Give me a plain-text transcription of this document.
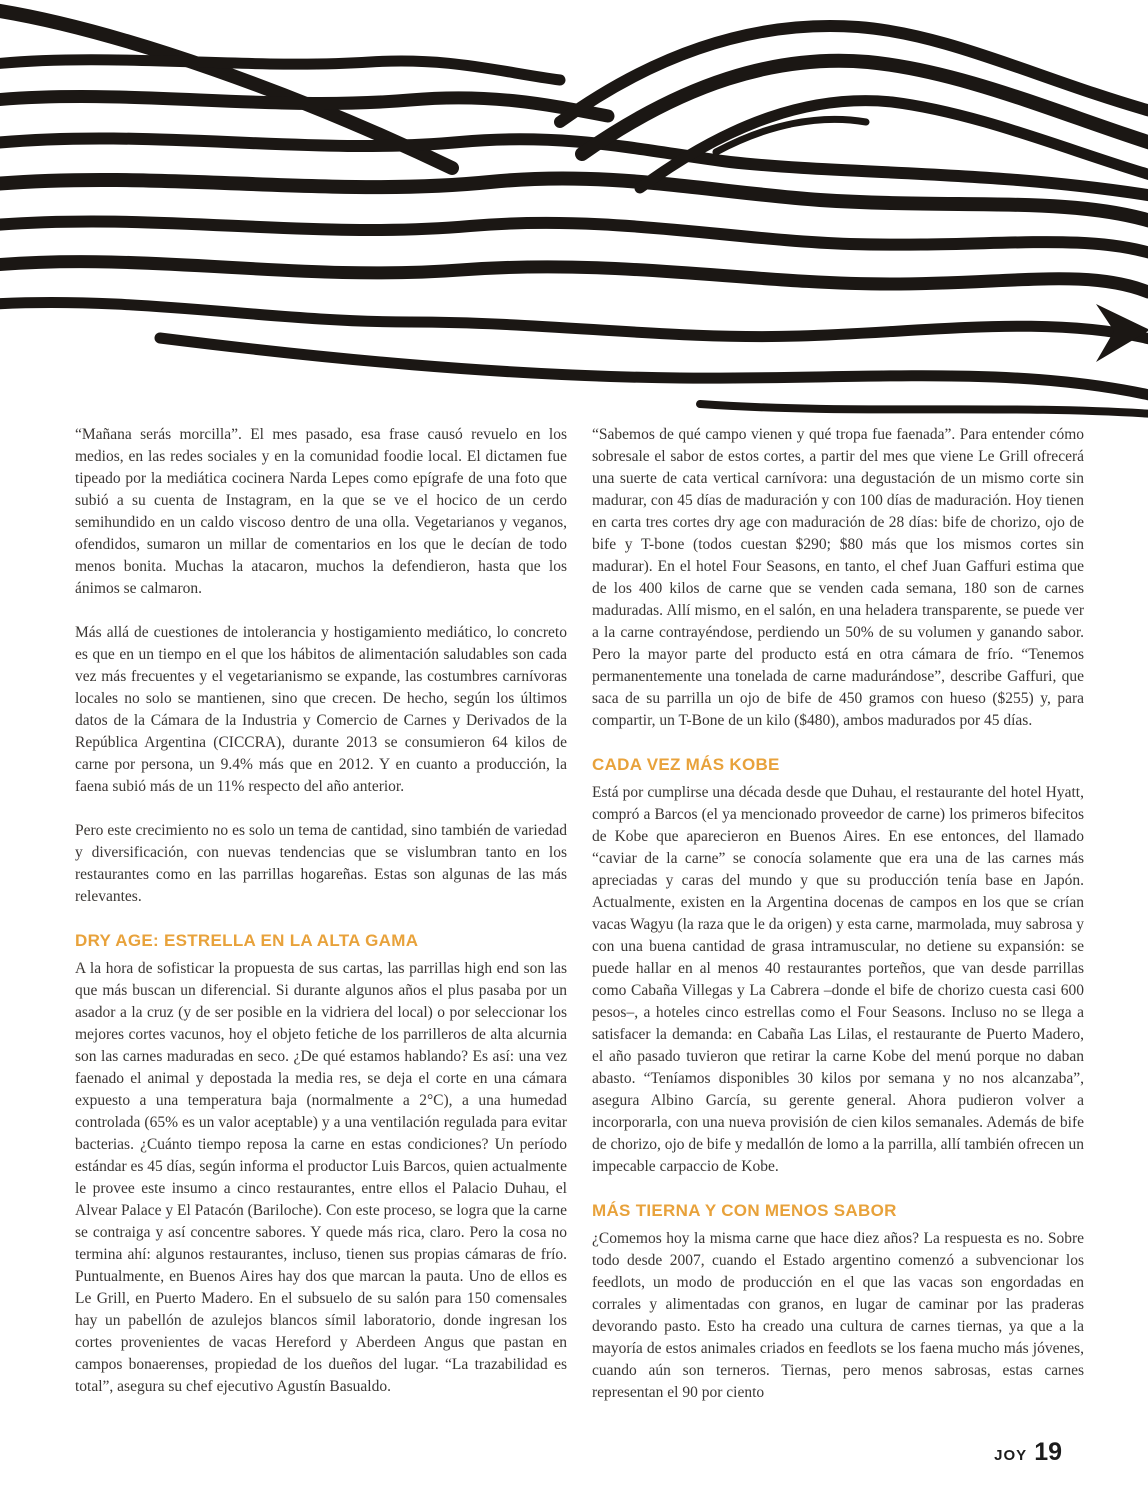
“Mañana serás morcilla”. El mes pasado, esa frase causó revuelo en los medios, en las redes sociales y en la comunidad foodie local. El dictamen fue tipeado por la mediática cocinera Narda Lepes como epígrafe de una foto que subió a su cuenta de Instagram, en la que se ve el hocico de un cerdo semihundido en un caldo viscoso dentro de una olla. Vegetarianos y veganos, ofendidos, sumaron un millar de comentarios en los que le decían de todo menos bonita. Muchas la atacaron, muchos la defendieron, hasta que los ánimos se calmaron.

Más allá de cuestiones de intolerancia y hostigamiento mediático, lo concreto es que en un tiempo en el que los hábitos de alimentación saludables son cada vez más frecuentes y el vegetarianismo se expande, las costumbres carnívoras locales no solo se mantienen, sino que crecen. De hecho, según los últimos datos de la Cámara de la Industria y Comercio de Carnes y Derivados de la República Argentina (CICCRA), durante 2013 se consumieron 64 kilos de carne por persona, un 9.4% más que en 2012. Y en cuanto a producción, la faena subió más de un 11% respecto del año anterior.

Pero este crecimiento no es solo un tema de cantidad, sino también de variedad y diversificación, con nuevas tendencias que se vislumbran tanto en los restaurantes como en las parrillas hogareñas. Estas son algunas de las más relevantes.

DRY AGE: ESTRELLA EN LA ALTA GAMA

A la hora de sofisticar la propuesta de sus cartas, las parrillas high end son las que más buscan un diferencial. Si durante algunos años el plus pasaba por un asador a la cruz (y de ser posible en la vidriera del local) o por seleccionar los mejores cortes vacunos, hoy el objeto fetiche de los parrilleros de alta alcurnia son las carnes maduradas en seco. ¿De qué estamos hablando? Es así: una vez faenado el animal y depostada la media res, se deja el corte en una cámara expuesto a una temperatura baja (normalmente a 2°C), a una humedad controlada (65% es un valor aceptable) y a una ventilación regulada para evitar bacterias. ¿Cuánto tiempo reposa la carne en estas condiciones? Un período estándar es 45 días, según informa el productor Luis Barcos, quien actualmente le provee este insumo a cinco restaurantes, entre ellos el Palacio Duhau, el Alvear Palace y El Patacón (Bariloche). Con este proceso, se logra que la carne se contraiga y así concentre sabores. Y quede más rica, claro. Pero la cosa no termina ahí: algunos restaurantes, incluso, tienen sus propias cámaras de frío. Puntualmente, en Buenos Aires hay dos que marcan la pauta. Uno de ellos es Le Grill, en Puerto Madero. En el subsuelo de su salón para 150 comensales hay un pabellón de azulejos blancos símil laboratorio, donde ingresan los cortes provenientes de vacas Hereford y Aberdeen Angus que pastan en campos bonaerenses, propiedad de los dueños del lugar. “La trazabilidad es total”, asegura su chef ejecutivo Agustín Basualdo.

“Sabemos de qué campo vienen y qué tropa fue faenada”. Para entender cómo sobresale el sabor de estos cortes, a partir del mes que viene Le Grill ofrecerá una suerte de cata vertical carnívora: una degustación de un mismo corte sin madurar, con 45 días de maduración y con 100 días de maduración. Hoy tienen en carta tres cortes dry age con maduración de 28 días: bife de chorizo, ojo de bife y T-bone (todos cuestan $290; $80 más que los mismos cortes sin madurar). En el hotel Four Seasons, en tanto, el chef Juan Gaffuri estima que de los 400 kilos de carne que se venden cada semana, 180 son de carnes maduradas. Allí mismo, en el salón, en una heladera transparente, se puede ver a la carne contrayéndose, perdiendo un 50% de su volumen y ganando sabor. Pero la mayor parte del producto está en otra cámara de frío. “Tenemos permanentemente una tonelada de carne madurándose”, describe Gaffuri, que saca de su parrilla un ojo de bife de 450 gramos con hueso ($255) y, para compartir, un T-Bone de un kilo ($480), ambos madurados por 45 días.

CADA VEZ MÁS KOBE

Está por cumplirse una década desde que Duhau, el restaurante del hotel Hyatt, compró a Barcos (el ya mencionado proveedor de carne) los primeros bifecitos de Kobe que aparecieron en Buenos Aires. En ese entonces, del llamado “caviar de la carne” se conocía solamente que era una de las carnes más apreciadas y caras del mundo y que su producción tenía base en Japón. Actualmente, existen en la Argentina docenas de campos en los que se crían vacas Wagyu (la raza que le da origen) y esta carne, marmolada, muy sabrosa y con una buena cantidad de grasa intramuscular, no detiene su expansión: se puede hallar en al menos 40 restaurantes porteños, que van desde parrillas como Cabaña Villegas y La Cabrera –donde el bife de chorizo cuesta casi 600 pesos–, a hoteles cinco estrellas como el Four Seasons. Incluso no se llega a satisfacer la demanda: en Cabaña Las Lilas, el restaurante de Puerto Madero, el año pasado tuvieron que retirar la carne Kobe del menú porque no daban abasto. “Teníamos disponibles 30 kilos por semana y no nos alcanzaba”, asegura Albino García, su gerente general. Ahora pudieron volver a incorporarla, con una nueva provisión de cien kilos semanales. Además de bife de chorizo, ojo de bife y medallón de lomo a la parrilla, allí también ofrecen un impecable carpaccio de Kobe.

MÁS TIERNA Y CON MENOS SABOR

¿Comemos hoy la misma carne que hace diez años? La respuesta es no. Sobre todo desde 2007, cuando el Estado argentino comenzó a subvencionar los feedlots, un modo de producción en el que las vacas son engordadas en corrales y alimentadas con granos, en lugar de caminar por las praderas devorando pasto. Esto ha creado una cultura de carnes tiernas, ya que a la mayoría de estos animales criados en feedlots se los faena mucho más jóvenes, cuando aún son terneros. Tiernas, pero menos sabrosas, estas carnes representan el 90 por ciento

JOY 19
